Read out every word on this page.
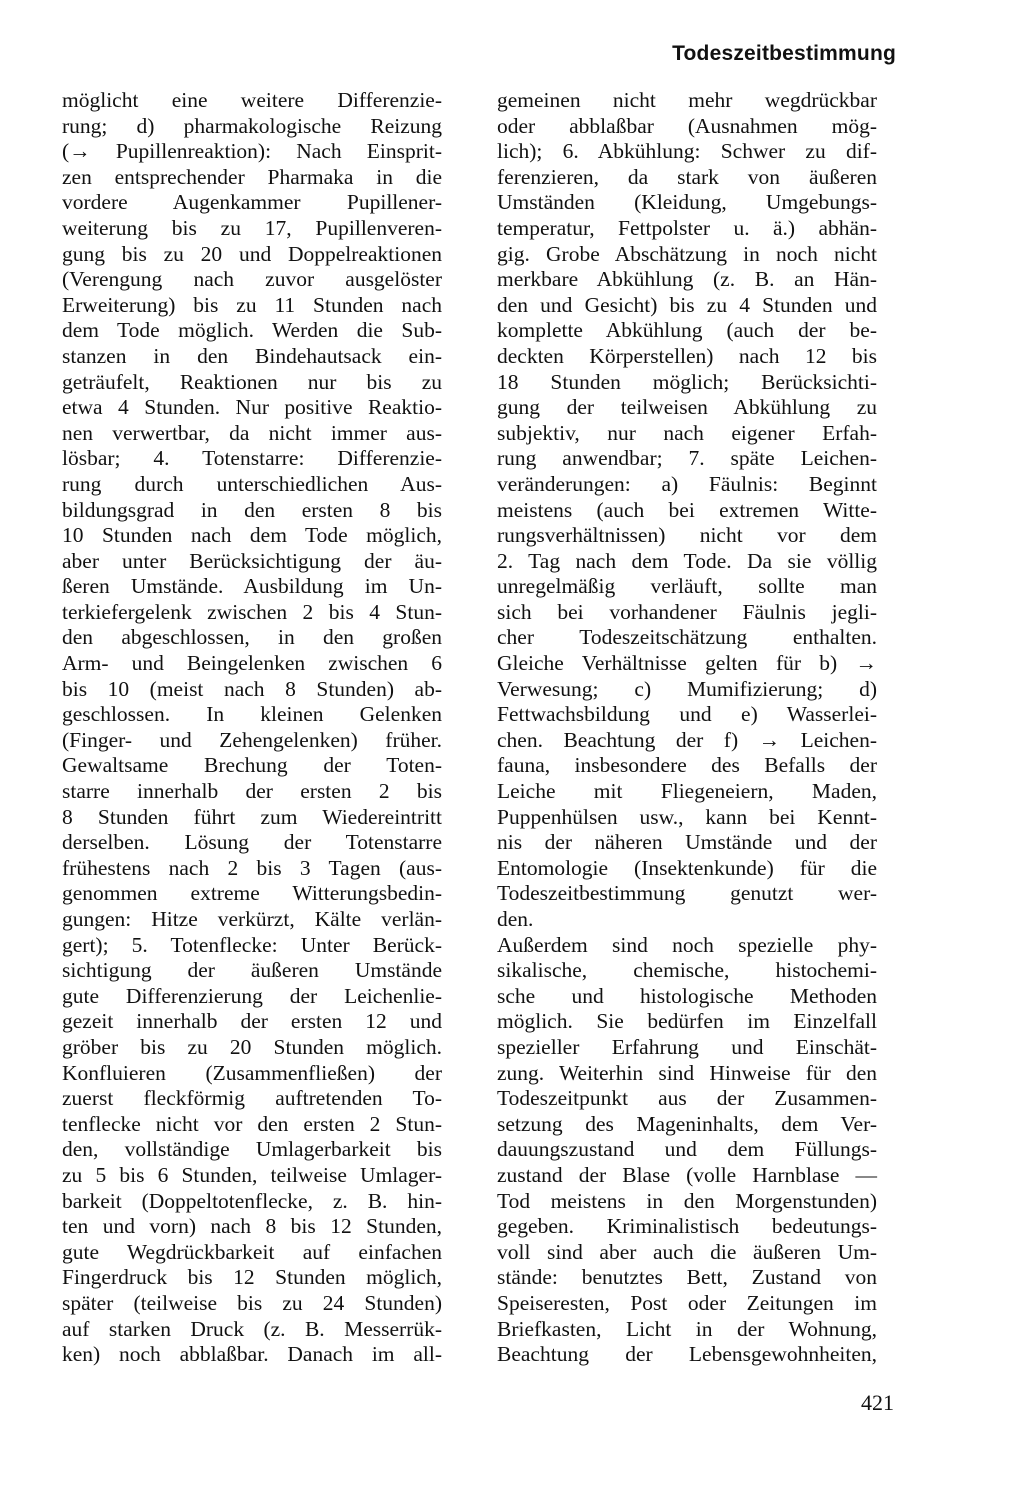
Todeszeitbestimmung
möglicht eine weitere Differenzie-
rung; d) pharmakologische Reizung
(→ Pupillenreaktion): Nach Einsprit-
zen entsprechender Pharmaka in die
vordere Augenkammer Pupillener-
weiterung bis zu 17, Pupillenveren-
gung bis zu 20 und Doppelreaktionen
(Verengung nach zuvor ausgelöster
Erweiterung) bis zu 11 Stunden nach
dem Tode möglich. Werden die Sub-
stanzen in den Bindehautsack ein-
geträufelt, Reaktionen nur bis zu
etwa 4 Stunden. Nur positive Reaktio-
nen verwertbar, da nicht immer aus-
lösbar; 4. Totenstarre: Differenzie-
rung durch unterschiedlichen Aus-
bildungsgrad in den ersten 8 bis
10 Stunden nach dem Tode möglich,
aber unter Berücksichtigung der äu-
ßeren Umstände. Ausbildung im Un-
terkiefergelenk zwischen 2 bis 4 Stun-
den abgeschlossen, in den großen
Arm- und Beingelenken zwischen 6
bis 10 (meist nach 8 Stunden) ab-
geschlossen. In kleinen Gelenken
(Finger- und Zehengelenken) früher.
Gewaltsame Brechung der Toten-
starre innerhalb der ersten 2 bis
8 Stunden führt zum Wiedereintritt
derselben. Lösung der Totenstarre
frühestens nach 2 bis 3 Tagen (aus-
genommen extreme Witterungsbedin-
gungen: Hitze verkürzt, Kälte verlän-
gert); 5. Totenflecke: Unter Berück-
sichtigung der äußeren Umstände
gute Differenzierung der Leichenlie-
gezeit innerhalb der ersten 12 und
gröber bis zu 20 Stunden möglich.
Konfluieren (Zusammenfließen) der
zuerst fleckförmig auftretenden To-
tenflecke nicht vor den ersten 2 Stun-
den, vollständige Umlagerbarkeit bis
zu 5 bis 6 Stunden, teilweise Umlager-
barkeit (Doppeltotenflecke, z. B. hin-
ten und vorn) nach 8 bis 12 Stunden,
gute Wegdrückbarkeit auf einfachen
Fingerdruck bis 12 Stunden möglich,
später (teilweise bis zu 24 Stunden)
auf starken Druck (z. B. Messerrük-
ken) noch abblaßbar. Danach im all-
gemeinen nicht mehr wegdrückbar
oder abblaßbar (Ausnahmen mög-
lich); 6. Abkühlung: Schwer zu dif-
ferenzieren, da stark von äußeren
Umständen (Kleidung, Umgebungs-
temperatur, Fettpolster u. ä.) abhän-
gig. Grobe Abschätzung in noch nicht
merkbare Abkühlung (z. B. an Hän-
den und Gesicht) bis zu 4 Stunden und
komplette Abkühlung (auch der be-
deckten Körperstellen) nach 12 bis
18 Stunden möglich; Berücksichti-
gung der teilweisen Abkühlung zu
subjektiv, nur nach eigener Erfah-
rung anwendbar; 7. späte Leichen-
veränderungen: a) Fäulnis: Beginnt
meistens (auch bei extremen Witte-
rungsverhältnissen) nicht vor dem
2. Tag nach dem Tode. Da sie völlig
unregelmäßig verläuft, sollte man
sich bei vorhandener Fäulnis jegli-
cher Todeszeitschätzung enthalten.
Gleiche Verhältnisse gelten für b) →
Verwesung; c) Mumifizierung; d)
Fettwachsbildung und e) Wasserlei-
chen. Beachtung der f) → Leichen-
fauna, insbesondere des Befalls der
Leiche mit Fliegeneiern, Maden,
Puppenhülsen usw., kann bei Kennt-
nis der näheren Umstände und der
Entomologie (Insektenkunde) für die
Todeszeitbestimmung genutzt wer-
den.
Außerdem sind noch spezielle phy-
sikalische, chemische, histochemi-
sche und histologische Methoden
möglich. Sie bedürfen im Einzelfall
spezieller Erfahrung und Einschät-
zung. Weiterhin sind Hinweise für den
Todeszeitpunkt aus der Zusammen-
setzung des Mageninhalts, dem Ver-
dauungszustand und dem Füllungs-
zustand der Blase (volle Harnblase —
Tod meistens in den Morgenstunden)
gegeben. Kriminalistisch bedeutungs-
voll sind aber auch die äußeren Um-
stände: benutztes Bett, Zustand von
Speiseresten, Post oder Zeitungen im
Briefkasten, Licht in der Wohnung,
Beachtung der Lebensgewohnheiten,
421
